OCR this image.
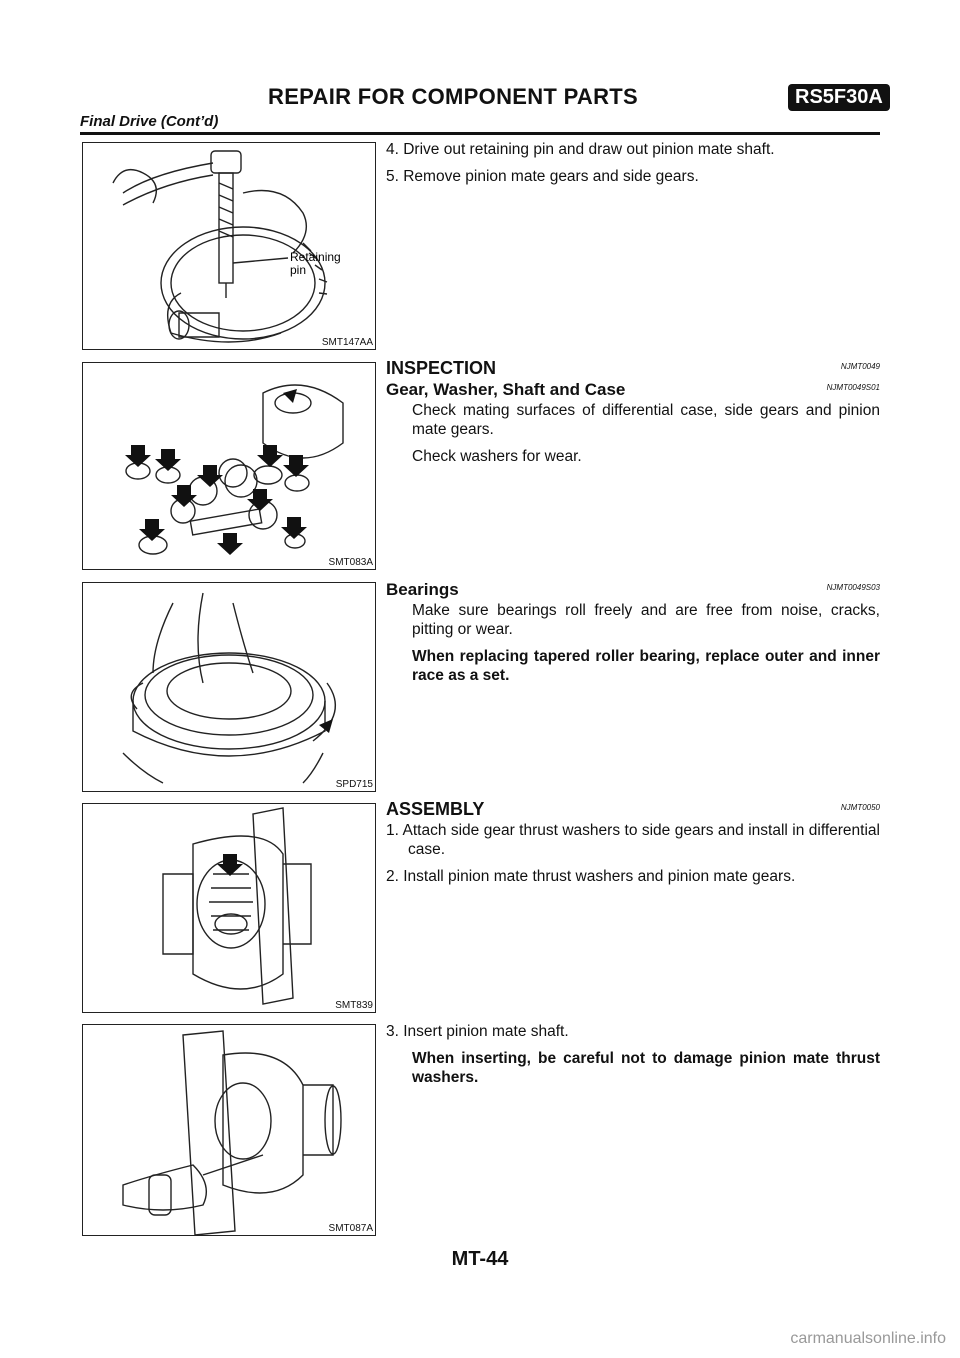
REPAIR FOR COMPONENT PARTS	RS5F30A
Final Drive (Cont’d)
Retaining
pin
SMT147AA
SMT083A
SPD715
SMT839
SMT087A

4. Drive out retaining pin and draw out pinion mate shaft.

5. Remove pinion mate gears and side gears.

INSPECTION	NJMT0049
Gear, Washer, Shaft and Case	NJMT0049S01

Check mating surfaces of differential case, side gears and pinion mate gears.

Check washers for wear.

Bearings	NJMT0049S03

Make sure bearings roll freely and are free from noise, cracks, pitting or wear.

When replacing tapered roller bearing, replace outer and inner race as a set.

ASSEMBLY	NJMT0050

1. Attach side gear thrust washers to side gears and install in differential case.

2. Install pinion mate thrust washers and pinion mate gears.

3. Insert pinion mate shaft.

When inserting, be careful not to damage pinion mate thrust washers.

MT-44
carmanualsonline.info
